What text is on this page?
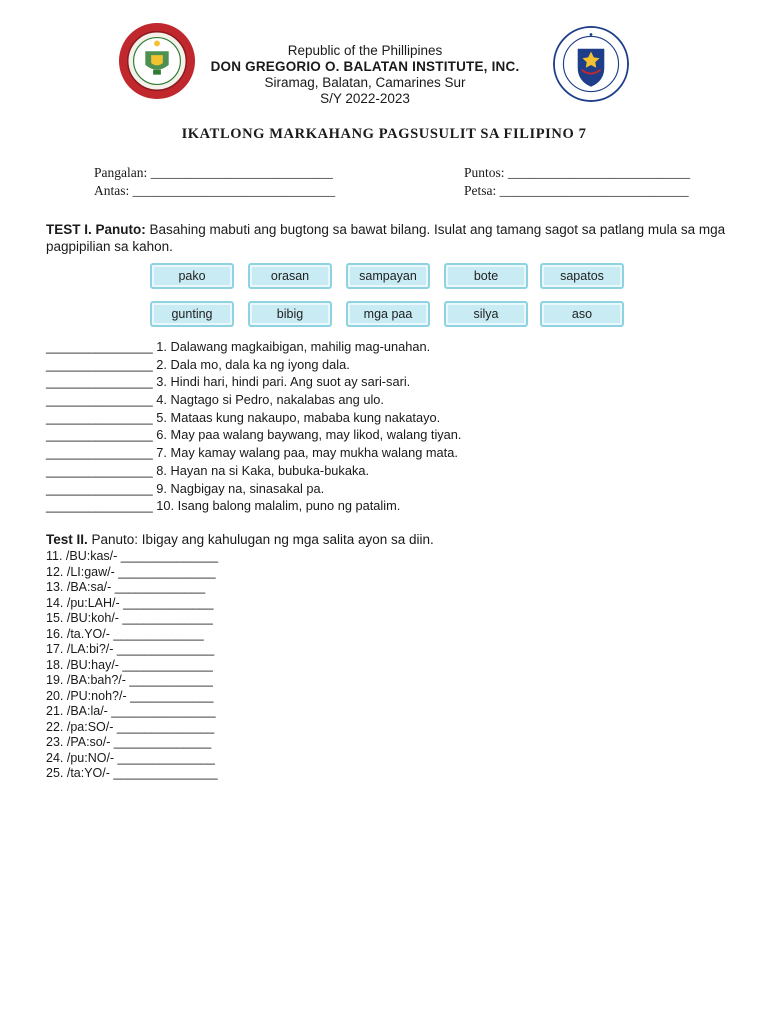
Republic of the Phillipines
DON GREGORIO O. BALATAN INSTITUTE, INC.
Siramag, Balatan, Camarines Sur
S/Y 2022-2023
IKATLONG MARKAHANG PAGSUSULIT SA FILIPINO 7
Pangalan: ___________________________
Antas: ______________________________
Puntos: ___________________________
Petsa: ____________________________
TEST I. Panuto: Basahing mabuti ang bugtong sa bawat bilang. Isulat ang tamang sagot sa patlang mula sa mga pagpipilian sa kahon.
pako	orasan	sampayan	bote	sapatos
gunting	bibig	mga paa	silya	aso
_______________ 1. Dalawang magkaibigan, mahilig mag-unahan.
_______________ 2. Dala mo, dala ka ng iyong dala.
_______________ 3. Hindi hari, hindi pari. Ang suot ay sari-sari.
_______________ 4. Nagtago si Pedro, nakalabas ang ulo.
_______________ 5. Mataas kung nakaupo, mababa kung nakatayo.
_______________ 6. May paa walang baywang, may likod, walang tiyan.
_______________ 7. May kamay walang paa, may mukha walang mata.
_______________ 8. Hayan na si Kaka, bubuka-bukaka.
_______________ 9. Nagbigay na, sinasakal pa.
_______________ 10. Isang balong malalim, puno ng patalim.
Test II. Panuto: Ibigay ang kahulugan ng mga salita ayon sa diin.
11. /BU:kas/- ______________
12. /LI:gaw/- ______________
13. /BA:sa/- _____________
14. /pu:LAH/- _____________
15. /BU:koh/- _____________
16. /ta.YO/- _____________
17. /LA:bi?/- ______________
18. /BU:hay/- _____________
19. /BA:bah?/- ____________
20. /PU:noh?/- ____________
21. /BA:la/- _______________
22. /pa:SO/- ______________
23. /PA:so/- ______________
24. /pu:NO/- ______________
25. /ta:YO/- _______________
